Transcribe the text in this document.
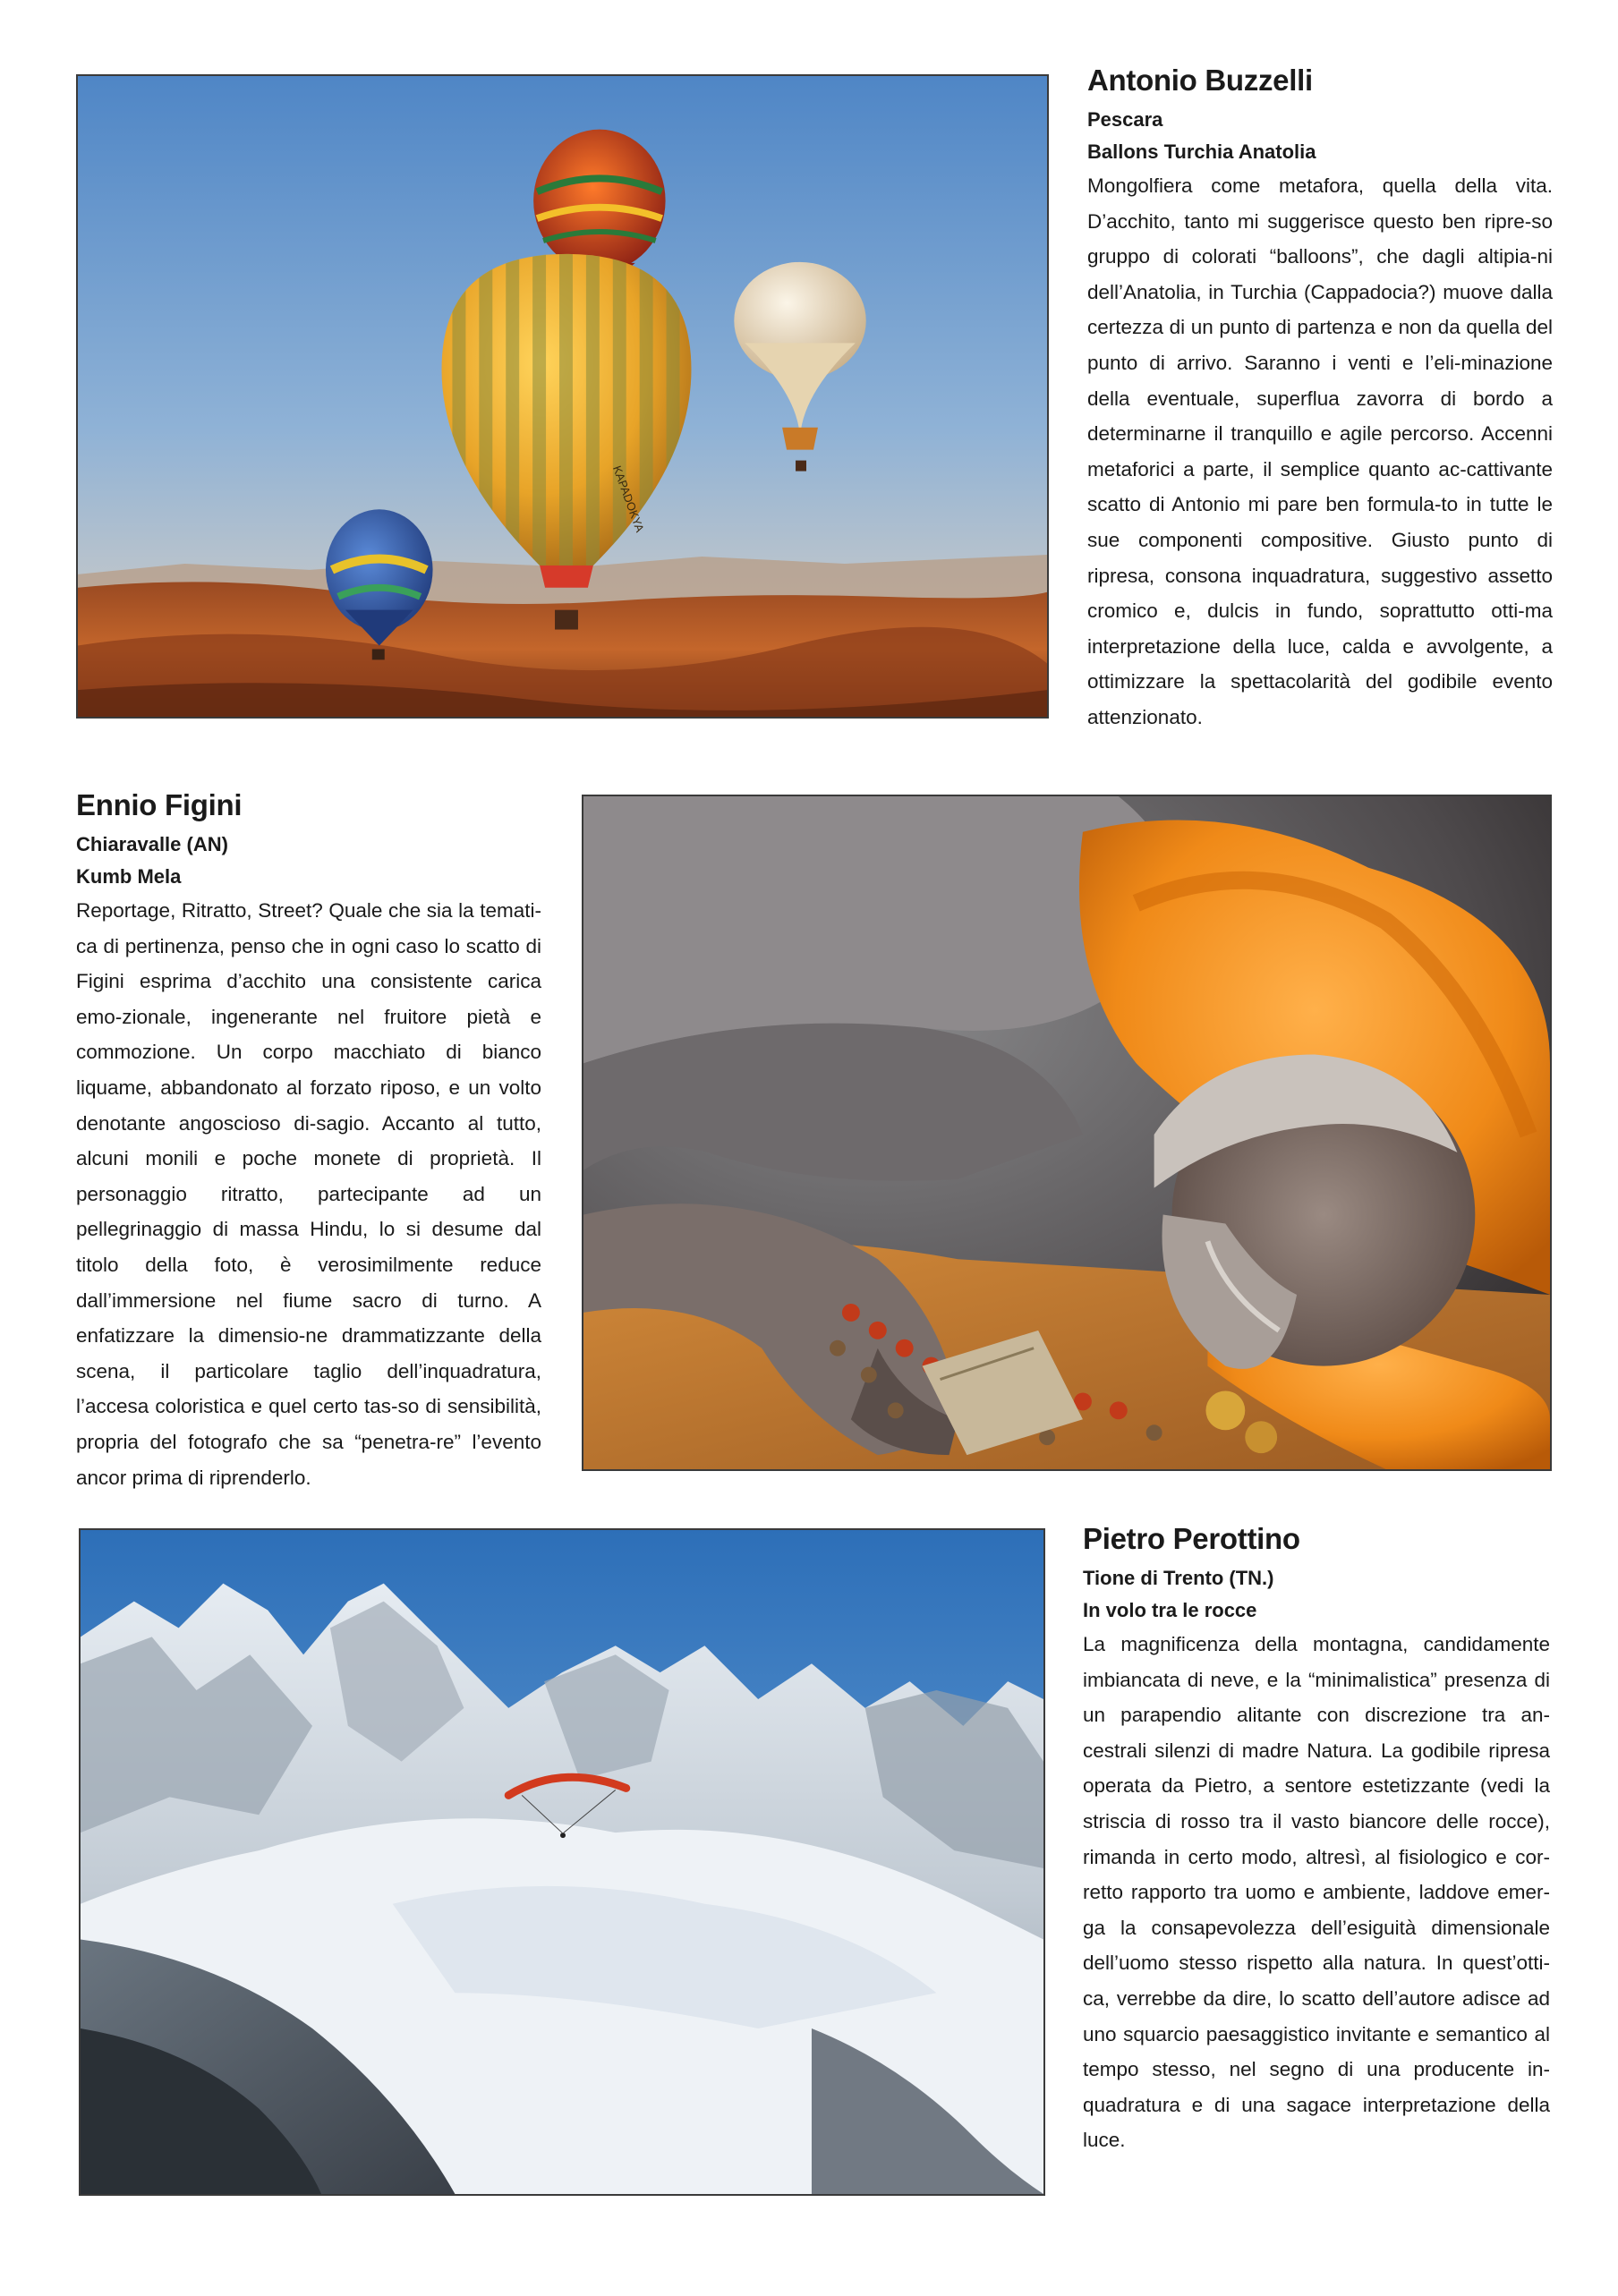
KAPADOKYA
Antonio Buzzelli
Pescara
Ballons Turchia Anatolia

Mongolfiera come metafora, quella della vita. D’acchito, tanto mi suggerisce questo ben ripre-so gruppo di colorati “balloons”, che dagli altipia-ni dell’Anatolia, in Turchia (Cappadocia?) muove dalla certezza di un punto di partenza e non da quella del punto di arrivo. Saranno i venti e l’eli-minazione della eventuale, superflua zavorra di bordo a determinarne il tranquillo e agile percorso. Accenni metaforici a parte, il semplice quanto ac-cattivante scatto di Antonio mi pare ben formula-to in tutte le sue componenti compositive. Giusto punto di ripresa, consona inquadratura, suggestivo assetto cromico e, dulcis in fundo, soprattutto otti-ma interpretazione della luce, calda e avvolgente, a ottimizzare la spettacolarità del godibile evento attenzionato.

Ennio Figini
Chiaravalle (AN)
Kumb Mela

Reportage, Ritratto, Street? Quale che sia la temati-ca di pertinenza, penso che in ogni caso lo scatto di Figini esprima d’acchito una consistente carica emo-zionale, ingenerante nel fruitore pietà e commozione. Un corpo macchiato di bianco liquame, abbandonato al forzato riposo, e un volto denotante angoscioso di-sagio. Accanto al tutto, alcuni monili e poche monete di proprietà. Il personaggio ritratto, partecipante ad un pellegrinaggio di massa Hindu, lo si desume dal titolo della foto, è verosimilmente reduce dall’immersione nel fiume sacro di turno. A enfatizzare la dimensio-ne drammatizzante della scena, il particolare taglio dell’inquadratura, l’accesa coloristica e quel certo tas-so di sensibilità, propria del fotografo che sa “penetra-re” l’evento ancor prima di riprenderlo.

Pietro Perottino
Tione di Trento (TN.)
In volo tra le rocce

La magnificenza della montagna, candidamente imbiancata di neve, e la “minimalistica” presenza di un parapendio alitante con discrezione tra an-cestrali silenzi di madre Natura. La godibile ripresa operata da Pietro, a sentore estetizzante (vedi la striscia di rosso tra il vasto biancore delle rocce), rimanda in certo modo, altresì, al fisiologico e cor-retto rapporto tra uomo e ambiente, laddove emer-ga la consapevolezza dell’esiguità dimensionale dell’uomo stesso rispetto alla natura. In quest’otti-ca, verrebbe da dire, lo scatto dell’autore adisce ad uno squarcio paesaggistico invitante e semantico al tempo stesso, nel segno di una producente in-quadratura e di una sagace interpretazione della luce.
